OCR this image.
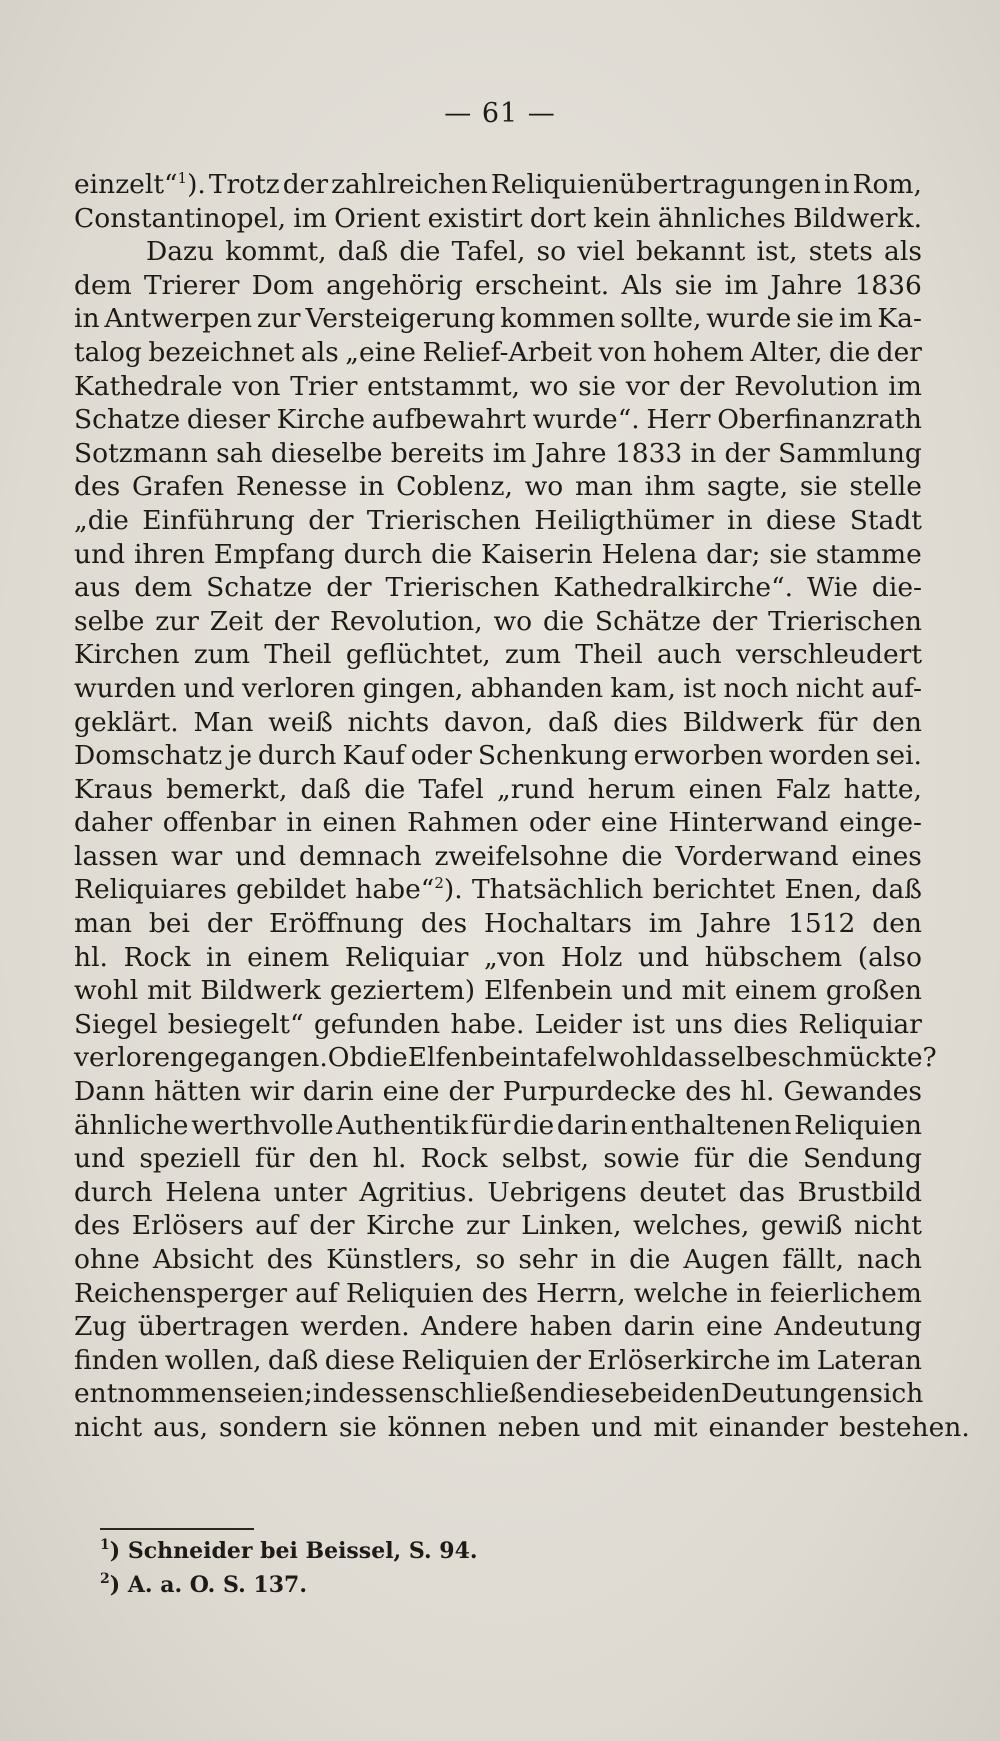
— 61 —
einzelt“$^1$). Trotz der zahlreichen Reliquienübertragungen in Rom,
Constantinopel, im Orient existirt dort kein ähnliches Bildwerk.
Dazu kommt, daß die Tafel, so viel bekannt ist, stets als
dem Trierer Dom angehörig erscheint. Als sie im Jahre 1836
in Antwerpen zur Versteigerung kommen sollte, wurde sie im Ka-
talog bezeichnet als „eine Relief-Arbeit von hohem Alter, die der
Kathedrale von Trier entstammt, wo sie vor der Revolution im
Schatze dieser Kirche aufbewahrt wurde“. Herr Oberfinanzrath
Sotzmann sah dieselbe bereits im Jahre 1833 in der Sammlung
des Grafen Renesse in Coblenz, wo man ihm sagte, sie stelle
„die Einführung der Trierischen Heiligthümer in diese Stadt
und ihren Empfang durch die Kaiserin Helena dar; sie stamme
aus dem Schatze der Trierischen Kathedralkirche“. Wie die-
selbe zur Zeit der Revolution, wo die Schätze der Trierischen
Kirchen zum Theil geflüchtet, zum Theil auch verschleudert
wurden und verloren gingen, abhanden kam, ist noch nicht auf-
geklärt. Man weiß nichts davon, daß dies Bildwerk für den
Domschatz je durch Kauf oder Schenkung erworben worden sei.
Kraus bemerkt, daß die Tafel „rund herum einen Falz hatte,
daher offenbar in einen Rahmen oder eine Hinterwand einge-
lassen war und demnach zweifelsohne die Vorderwand eines
Reliquiares gebildet habe“$^2$). Thatsächlich berichtet Enen, daß
man bei der Eröffnung des Hochaltars im Jahre 1512 den
hl. Rock in einem Reliquiar „von Holz und hübschem (also
wohl mit Bildwerk geziertem) Elfenbein und mit einem großen
Siegel besiegelt“ gefunden habe. Leider ist uns dies Reliquiar
verloren gegangen. Ob die Elfenbeintafel wohl dasselbe schmückte?
Dann hätten wir darin eine der Purpurdecke des hl. Gewandes
ähnliche werthvolle Authentik für die darin enthaltenen Reliquien
und speziell für den hl. Rock selbst, sowie für die Sendung
durch Helena unter Agritius. Uebrigens deutet das Brustbild
des Erlösers auf der Kirche zur Linken, welches, gewiß nicht
ohne Absicht des Künstlers, so sehr in die Augen fällt, nach
Reichensperger auf Reliquien des Herrn, welche in feierlichem
Zug übertragen werden. Andere haben darin eine Andeutung
finden wollen, daß diese Reliquien der Erlöserkirche im Lateran
entnommen seien; indessen schließen diese beiden Deutungen sich
nicht aus, sondern sie können neben und mit einander bestehen.
$^1$) Schneider bei Beissel, S. 94.
$^2$) A. a. O. S. 137.
